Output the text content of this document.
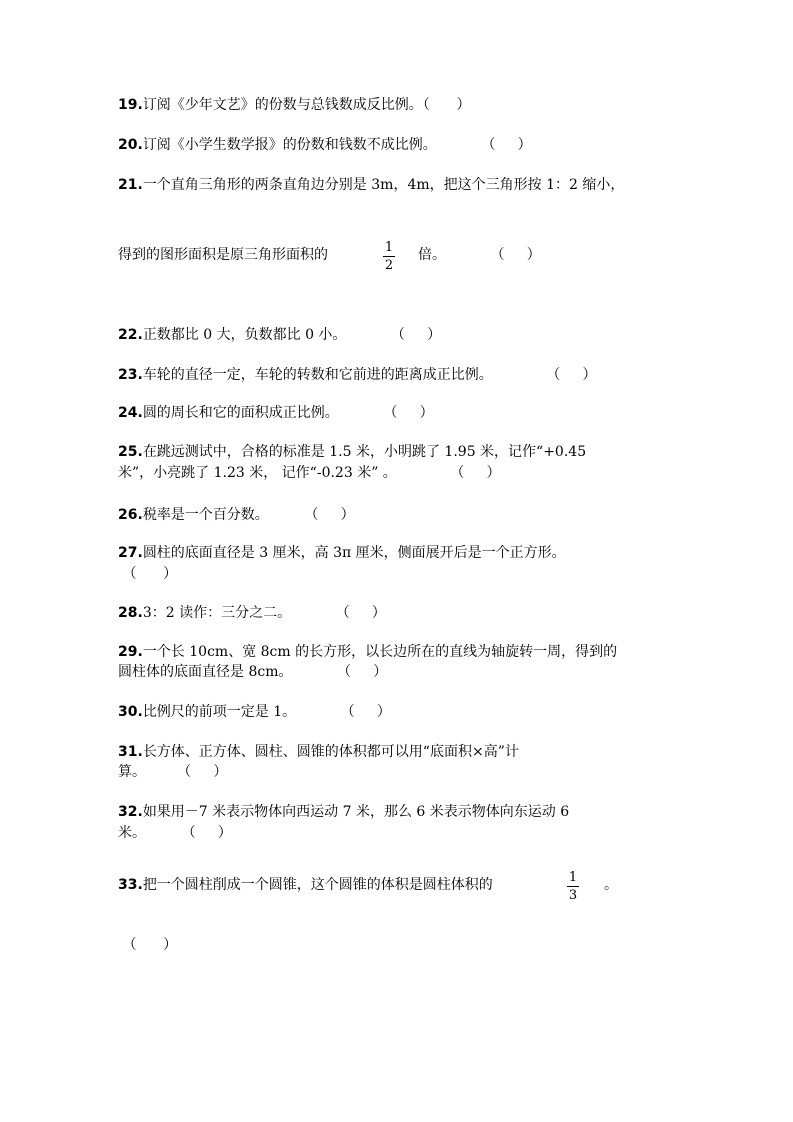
19.订阅《少年文艺》的份数与总钱数成反比例。（      ）
20.订阅《小学生数学报》的份数和钱数不成比例。          （     ）
21.一个直角三角形的两条直角边分别是 3m，4m，把这个三角形按 1：2 缩小，
得到的图形面积是原三角形面积的	1
2
倍。          （     ）
22.正数都比 0 大，负数都比 0 小。          （     ）
23.车轮的直径一定，车轮的转数和它前进的距离成正比例。            （     ）
24.圆的周长和它的面积成正比例。          （     ）
25.在跳远测试中，合格的标准是 1.5 米，小明跳了 1.95 米，记作“+0.45
米”，小亮跳了 1.23 米， 记作“-0.23 米” 。            （     ）
26.税率是一个百分数。        （     ）
27.圆柱的底面直径是 3 厘米，高 3π 厘米，侧面展开后是一个正方形。
（      ）
28.3：2 读作：三分之二。          （     ）
29.一个长 10cm、宽 8cm 的长方形，以长边所在的直线为轴旋转一周，得到的
圆柱体的底面直径是 8cm。          （     ）
30.比例尺的前项一定是 1。          （     ）
31.长方体、正方体、圆柱、圆锥的体积都可以用“底面积×高”计
算。       （     ）
32.如果用－7 米表示物体向西运动 7 米，那么 6 米表示物体向东运动 6
米。        （     ）
33.把一个圆柱削成一个圆锥，这个圆锥的体积是圆柱体积的	1
3
。
（      ）
